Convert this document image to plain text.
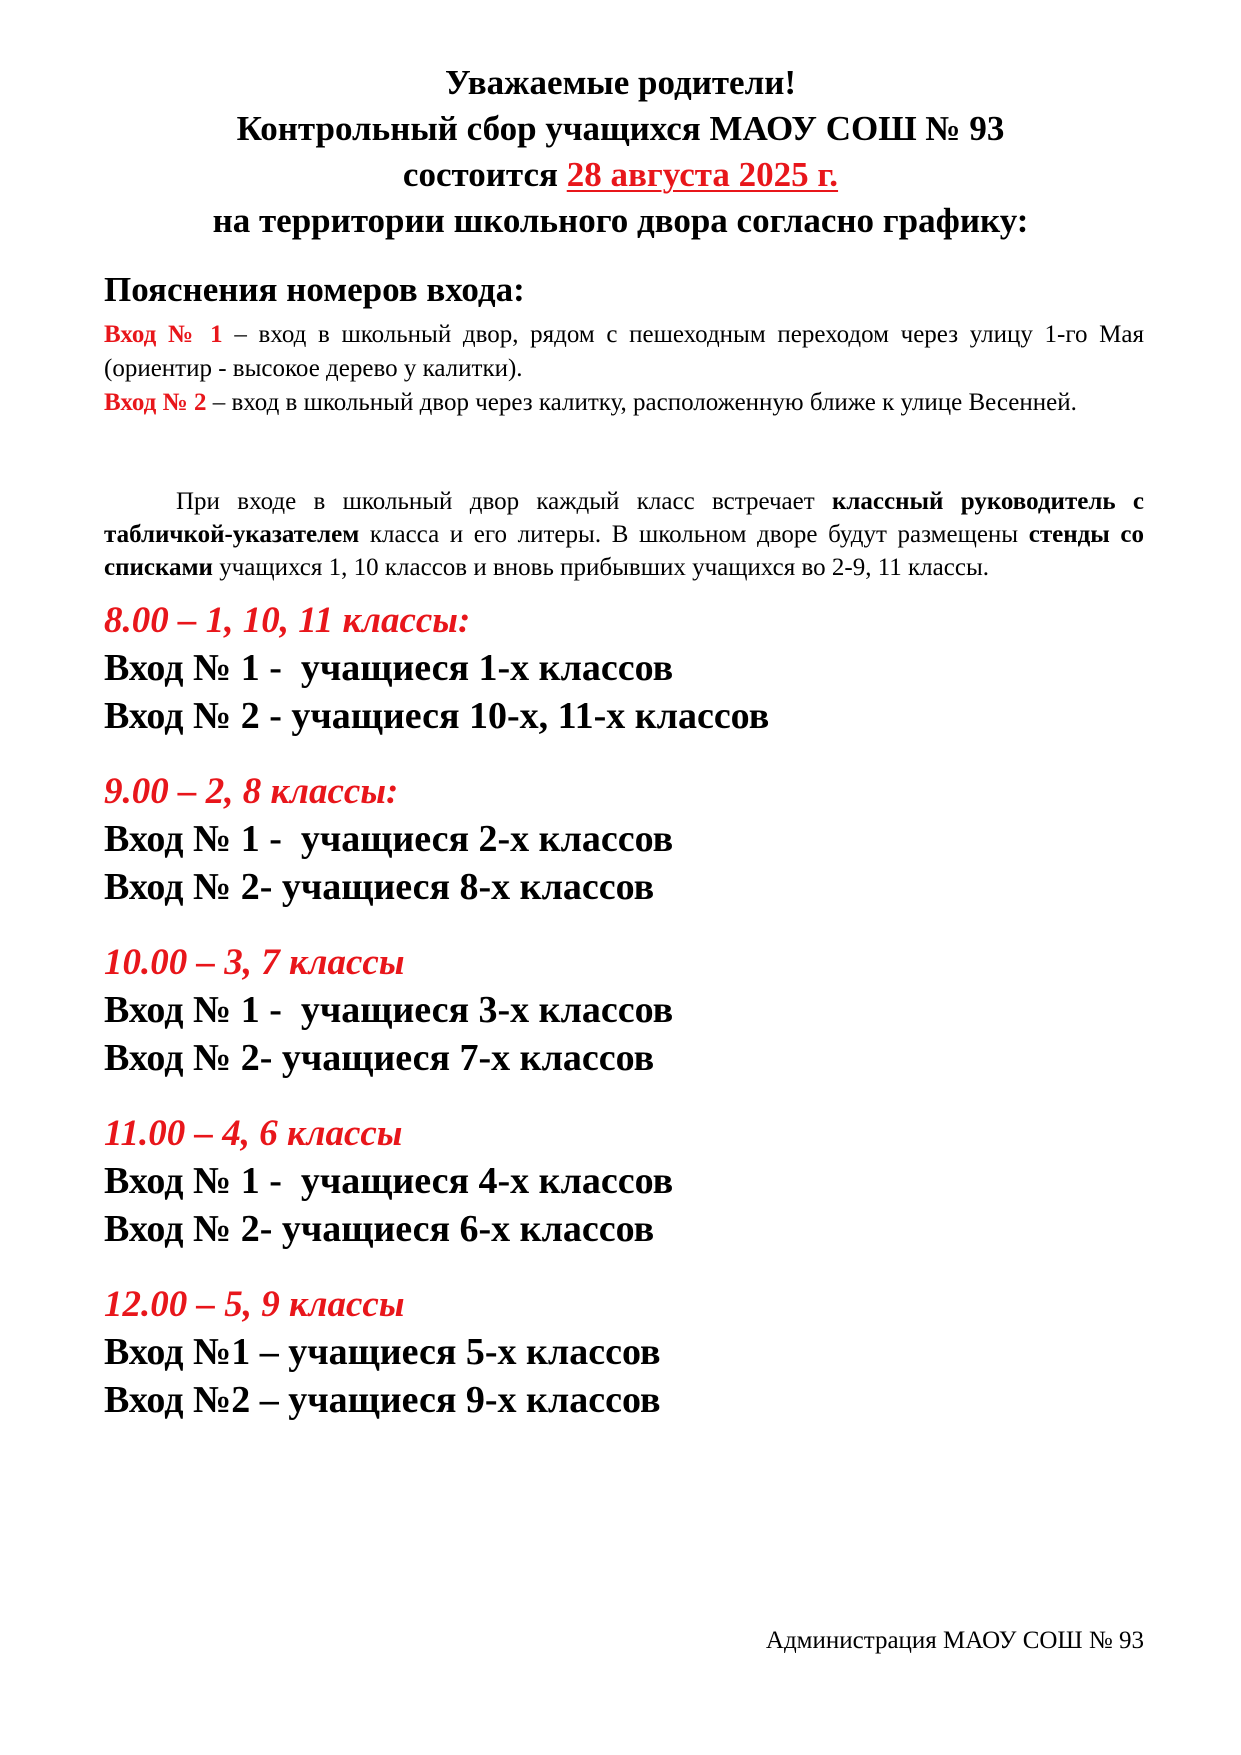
Уважаемые родители!
Контрольный сбор учащихся МАОУ СОШ № 93
состоится 28 августа 2025 г.
на территории школьного двора согласно графику:
Пояснения номеров входа:

Вход № 1 – вход в школьный двор, рядом с пешеходным переходом через улицу 1-го Мая (ориентир - высокое дерево у калитки).

Вход № 2 – вход в школьный двор через калитку, расположенную ближе к улице Весенней.

При входе в школьный двор каждый класс встречает классный руководитель с табличкой-указателем класса и его литеры. В школьном дворе будут размещены стенды со списками учащихся 1, 10 классов и вновь прибывших учащихся во 2-9, 11 классы.

8.00 – 1, 10, 11 классы:
Вход № 1 -  учащиеся 1-х классов
Вход № 2 - учащиеся 10-х, 11-х классов
9.00 – 2, 8 классы:
Вход № 1 -  учащиеся 2-х классов
Вход № 2- учащиеся 8-х классов
10.00 – 3, 7 классы
Вход № 1 -  учащиеся 3-х классов
Вход № 2- учащиеся 7-х классов
11.00 – 4, 6 классы
Вход № 1 -  учащиеся 4-х классов
Вход № 2- учащиеся 6-х классов
12.00 – 5, 9 классы
Вход №1 – учащиеся 5-х классов
Вход №2 – учащиеся 9-х классов
Администрация МАОУ СОШ № 93
